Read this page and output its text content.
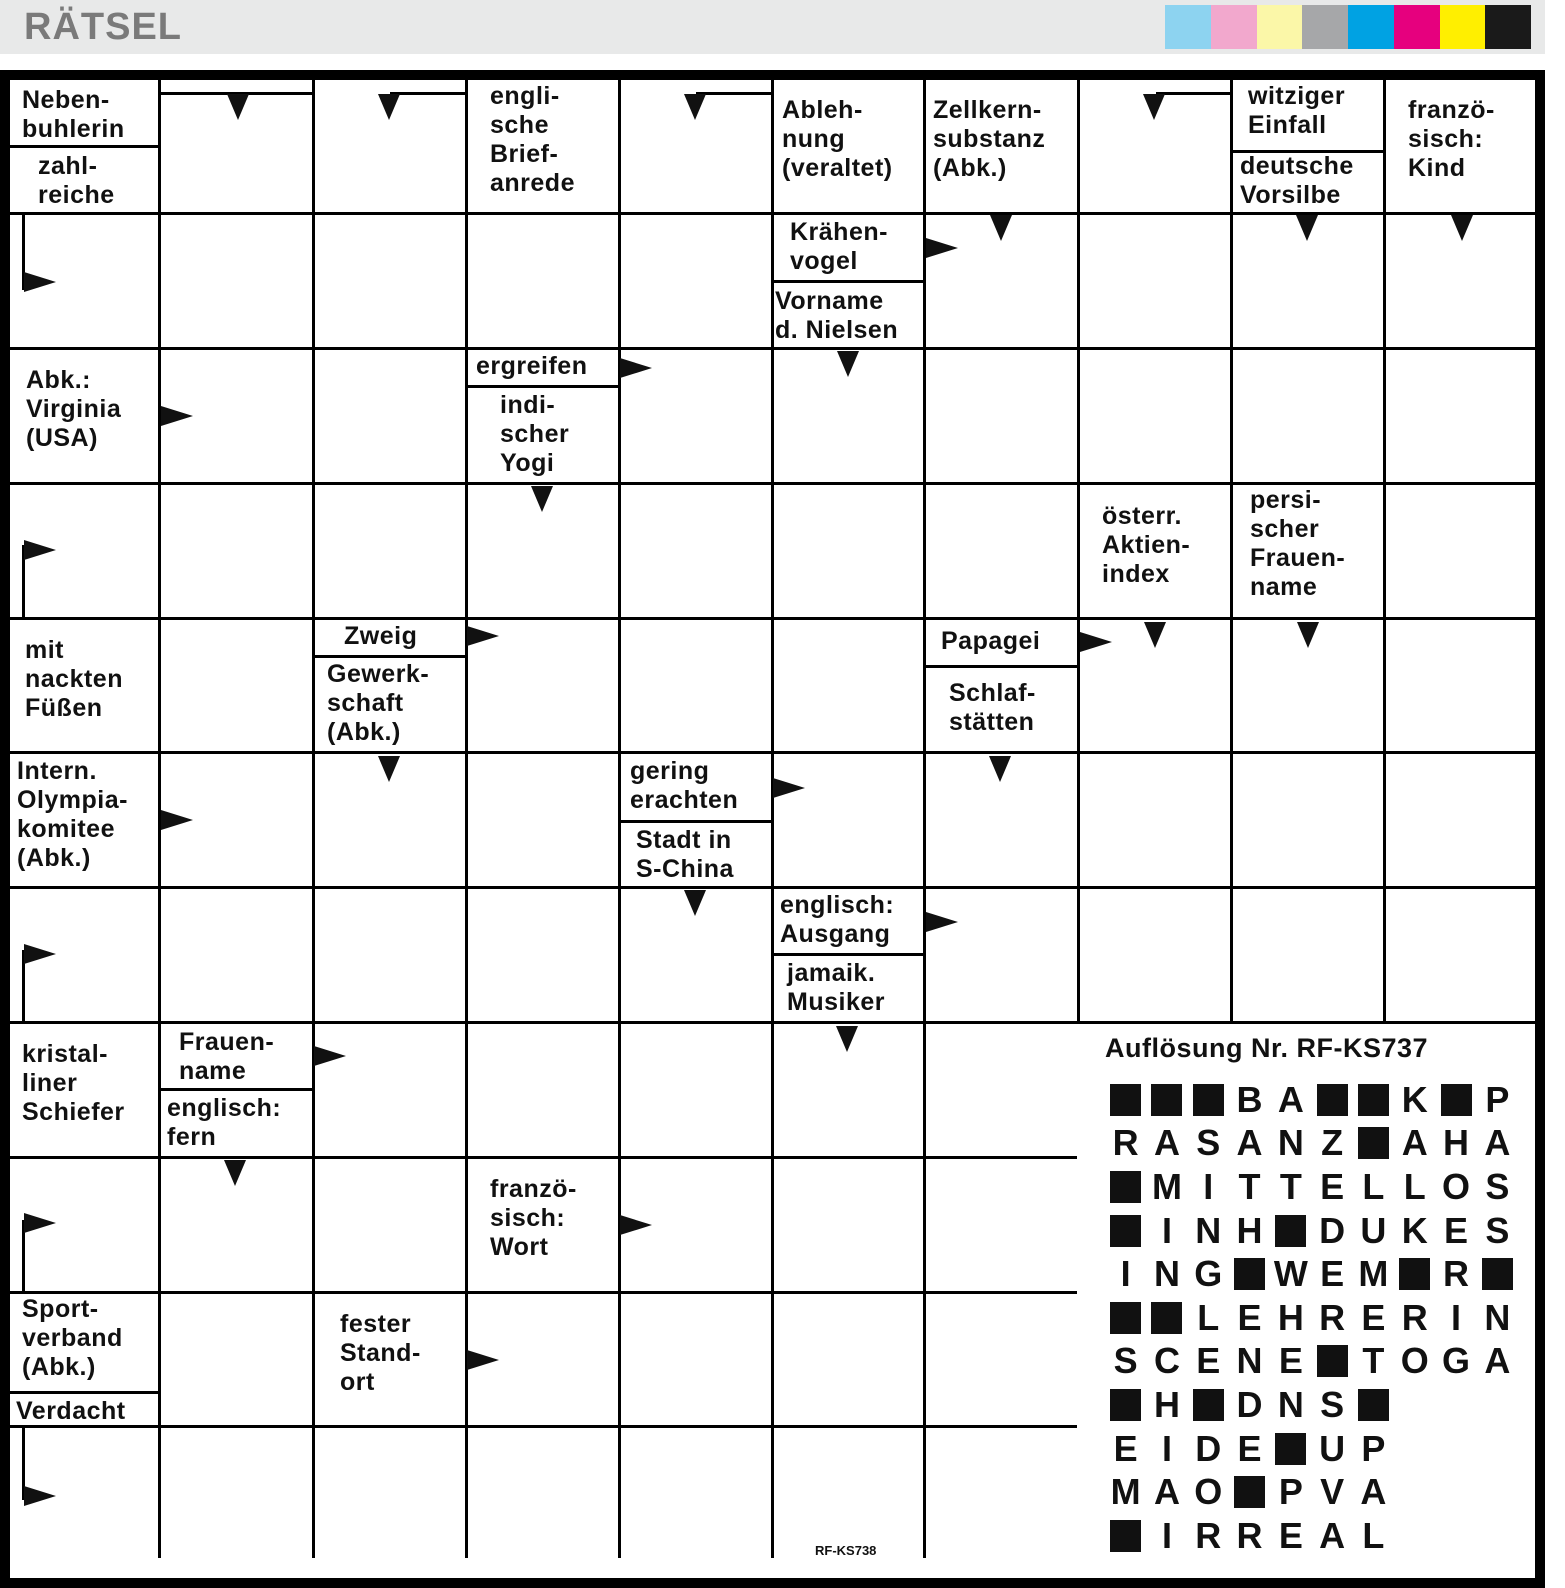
RÄTSEL
Neben-
buhlerin
zahl-
reiche
engli-
sche
Brief-
anrede
Ableh-
nung
(veraltet)
Zellkern-
substanz
(Abk.)
witziger
Einfall
deutsche
Vorsilbe
franzö-
sisch:
Kind
Krähen-
vogel
Vorname
d. Nielsen
Abk.:
Virginia
(USA)
ergreifen
indi-
scher
Yogi
österr.
Aktien-
index
persi-
scher
Frauen-
name
mit
nackten
Füßen
Zweig
Gewerk-
schaft
(Abk.)
Papagei
Schlaf-
stätten
Intern.
Olympia-
komitee
(Abk.)
gering
erachten
Stadt in
S-China
englisch:
Ausgang
jamaik.
Musiker
kristal-
liner
Schiefer
Frauen-
name
englisch:
fern
franzö-
sisch:
Wort
Sport-
verband
(Abk.)
Verdacht
fester
Stand-
ort
Auflösung Nr. RF-KS737
B A	K P
R A S A N Z A H A
M I T T E L L O S
I N H D U K E S
I N G W E M R
L E H R E R I N
S C E N E T O G A
H D N S
E I D E U P
M A O P V A
I R R E A L
RF-KS738
